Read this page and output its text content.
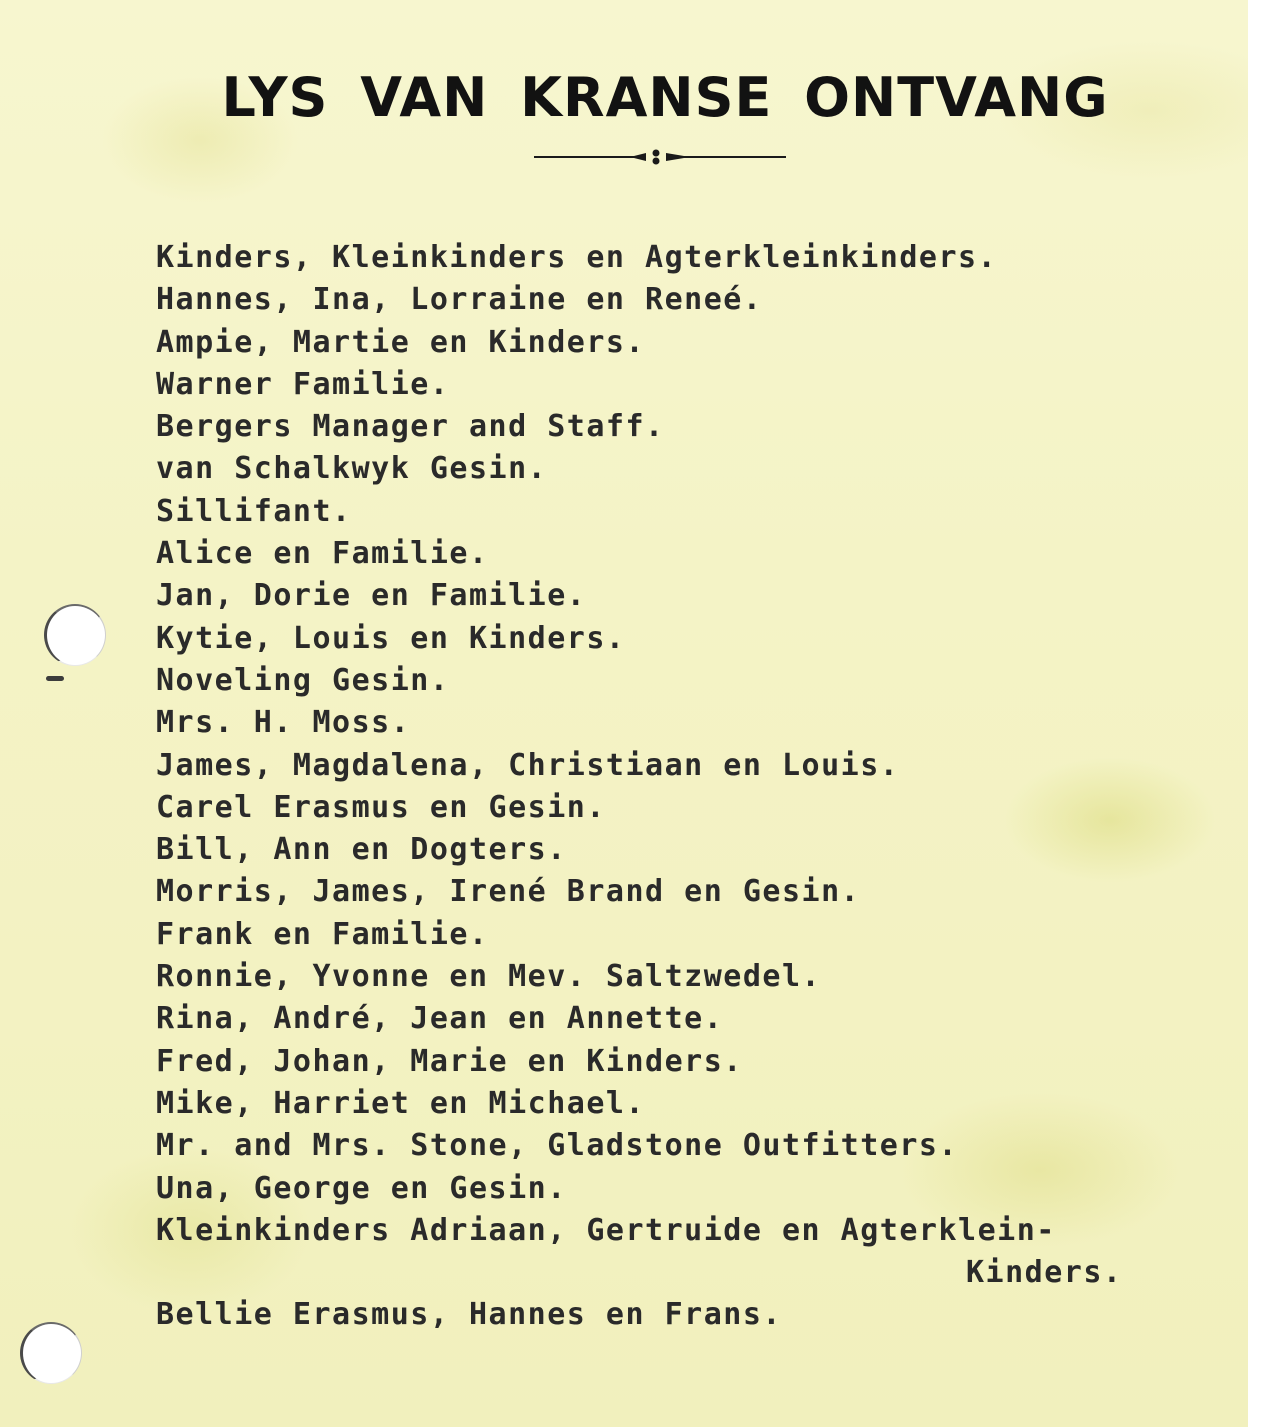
LYS VAN KRANSE ONTVANG
Kinders, Kleinkinders en Agterkleinkinders.
Hannes, Ina, Lorraine en Reneé.
Ampie, Martie en Kinders.
Warner Familie.
Bergers Manager and Staff.
van Schalkwyk Gesin.
Sillifant.
Alice en Familie.
Jan, Dorie en Familie.
Kytie, Louis en Kinders.
Noveling Gesin.
Mrs. H. Moss.
James, Magdalena, Christiaan en Louis.
Carel Erasmus en Gesin.
Bill, Ann en Dogters.
Morris, James, Irené Brand en Gesin.
Frank en Familie.
Ronnie, Yvonne en Mev. Saltzwedel.
Rina, André, Jean en Annette.
Fred, Johan, Marie en Kinders.
Mike, Harriet en Michael.
Mr. and Mrs. Stone, Gladstone Outfitters.
Una, George en Gesin.
Kleinkinders Adriaan, Gertruide en Agterklein-
Kinders.
Bellie Erasmus, Hannes en Frans.
